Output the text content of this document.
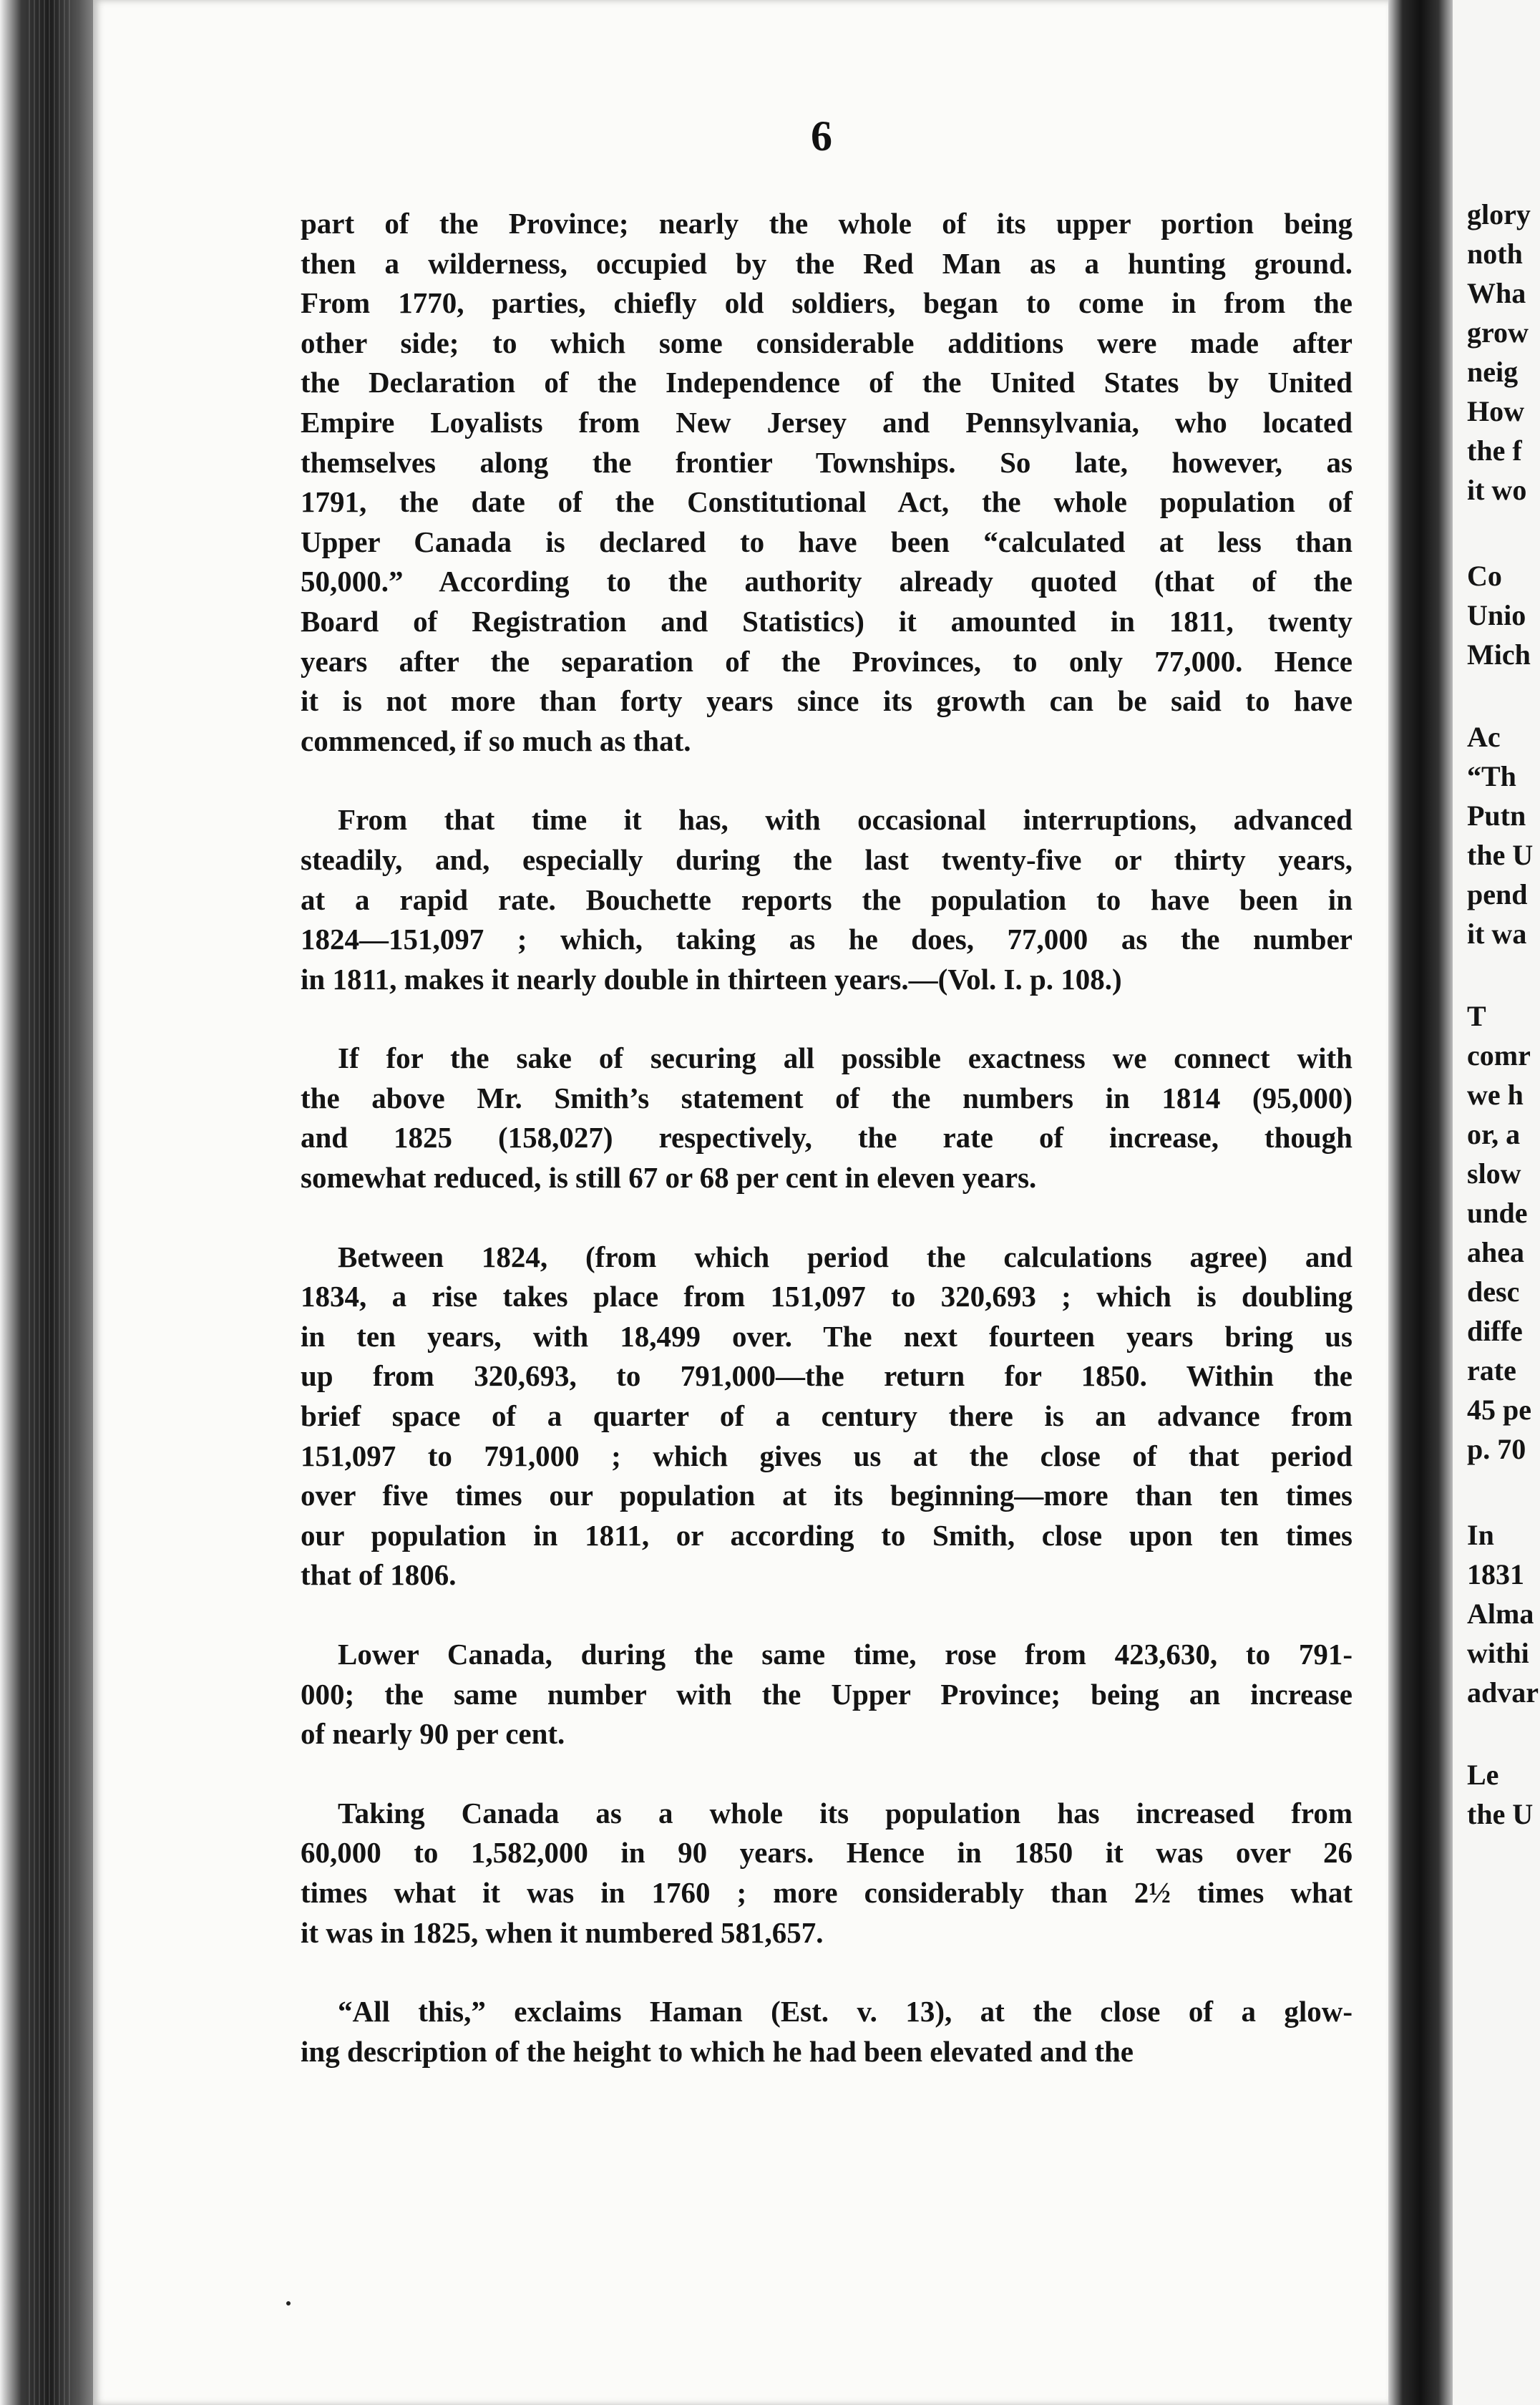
6
part of the Province; nearly the whole of its upper portion being
then a wilderness, occupied by the Red Man as a hunting ground.
From 1770, parties, chiefly old soldiers, began to come in from the
other side; to which some considerable additions were made after
the Declaration of the Independence of the United States by United
Empire Loyalists from New Jersey and Pennsylvania, who located
themselves along the frontier Townships. So late, however, as
1791, the date of the Constitutional Act, the whole population of
Upper Canada is declared to have been “calculated at less than
50,000.” According to the authority already quoted (that of the
Board of Registration and Statistics) it amounted in 1811, twenty
years after the separation of the Provinces, to only 77,000. Hence
it is not more than forty years since its growth can be said to have
commenced, if so much as that.
From that time it has, with occasional interruptions, advanced
steadily, and, especially during the last twenty-five or thirty years,
at a rapid rate. Bouchette reports the population to have been in
1824—151,097 ; which, taking as he does, 77,000 as the number
in 1811, makes it nearly double in thirteen years.—(Vol. I. p. 108.)
If for the sake of securing all possible exactness we connect with
the above Mr. Smith’s statement of the numbers in 1814 (95,000)
and 1825 (158,027) respectively, the rate of increase, though
somewhat reduced, is still 67 or 68 per cent in eleven years.
Between 1824, (from which period the calculations agree) and
1834, a rise takes place from 151,097 to 320,693 ; which is doubling
in ten years, with 18,499 over. The next fourteen years bring us
up from 320,693, to 791,000—the return for 1850. Within the
brief space of a quarter of a century there is an advance from
151,097 to 791,000 ; which gives us at the close of that period
over five times our population at its beginning—more than ten times
our population in 1811, or according to Smith, close upon ten times
that of 1806.
Lower Canada, during the same time, rose from 423,630, to 791-
000; the same number with the Upper Province; being an increase
of nearly 90 per cent.
Taking Canada as a whole its population has increased from
60,000 to 1,582,000 in 90 years. Hence in 1850 it was over 26
times what it was in 1760 ; more considerably than 2½ times what
it was in 1825, when it numbered 581,657.
“All this,” exclaims Haman (Est. v. 13), at the close of a glow-
ing description of the height to which he had been elevated and the
glory
noth
Wha
grow
neig
How
the f
it wo
Co
Unio
Mich
Ac
“Th
Putn
the U
pend
it wa
T
comr
we h
or, a
slow
unde
ahea
desc
diffe
rate
45 pe
p. 70
In
1831
Alma
withi
advar
Le
the U
